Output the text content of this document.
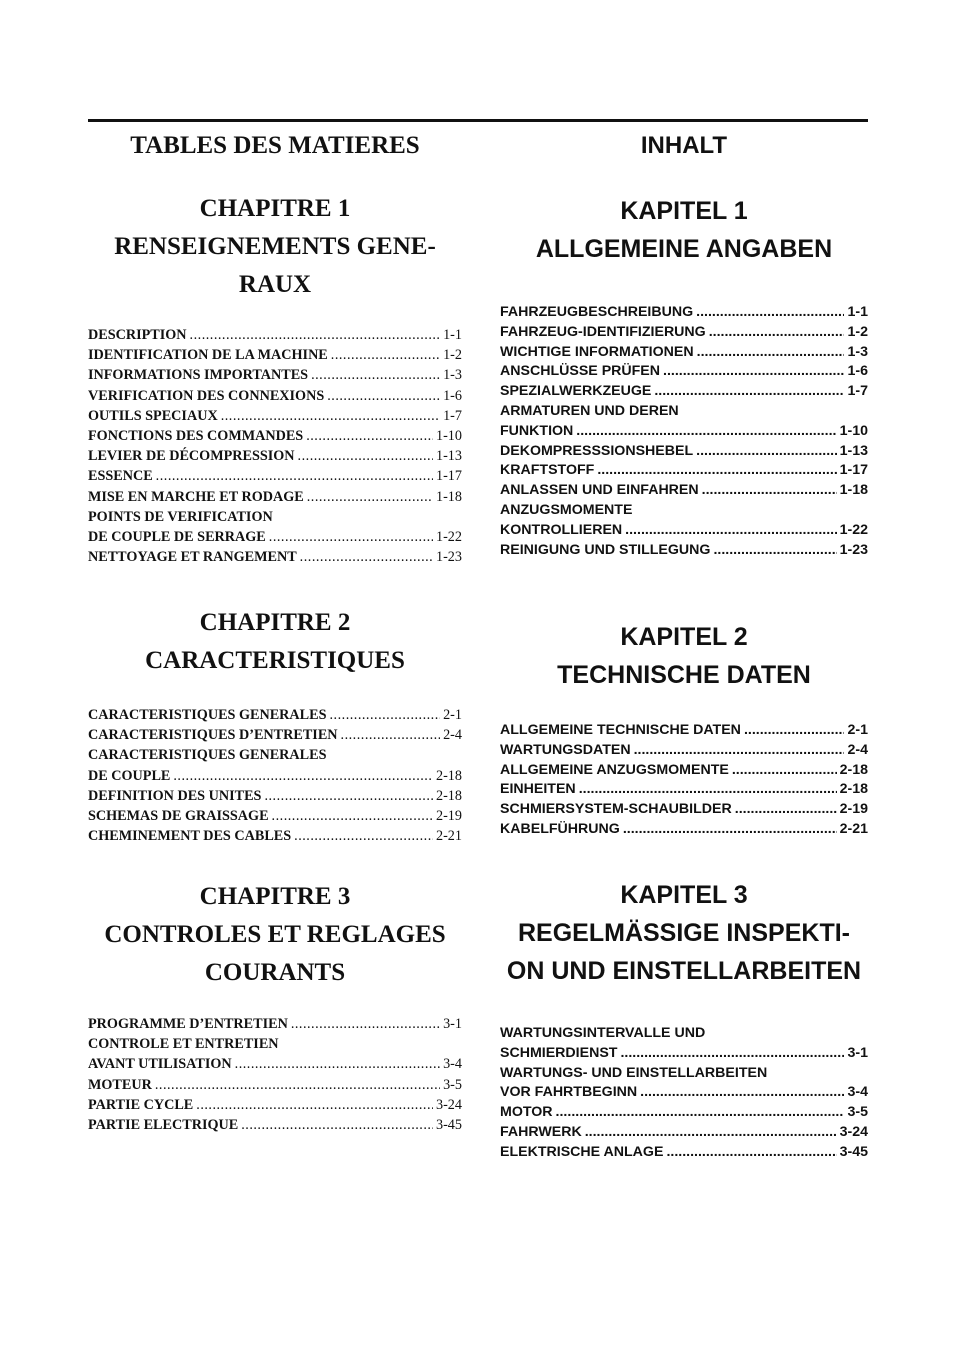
TABLES DES MATIERES
CHAPITRE 1
RENSEIGNEMENTS GENE-
RAUX
DESCRIPTION .....	1-1
IDENTIFICATION DE LA MACHINE .....	1-2
INFORMATIONS IMPORTANTES .....	1-3
VERIFICATION DES CONNEXIONS .....	1-6
OUTILS SPECIAUX .....	1-7
FONCTIONS DES COMMANDES .....	1-10
LEVIER DE DÉCOMPRESSION .....	1-13
ESSENCE .....	1-17
MISE EN MARCHE ET RODAGE .....	1-18
POINTS DE VERIFICATION
DE COUPLE DE SERRAGE .....	1-22
NETTOYAGE ET RANGEMENT .....	1-23
CHAPITRE 2
CARACTERISTIQUES
CARACTERISTIQUES GENERALES .....	2-1
CARACTERISTIQUES D’ENTRETIEN .....	2-4
CARACTERISTIQUES GENERALES
DE COUPLE .....	2-18
DEFINITION DES UNITES .....	2-18
SCHEMAS DE GRAISSAGE .....	2-19
CHEMINEMENT DES CABLES .....	2-21
CHAPITRE 3
CONTROLES ET REGLAGES
COURANTS
PROGRAMME D’ENTRETIEN .....	3-1
CONTROLE ET ENTRETIEN
AVANT UTILISATION .....	3-4
MOTEUR .....	3-5
PARTIE CYCLE .....	3-24
PARTIE ELECTRIQUE .....	3-45
INHALT
KAPITEL 1
ALLGEMEINE ANGABEN
FAHRZEUGBESCHREIBUNG .....	1-1
FAHRZEUG-IDENTIFIZIERUNG .....	1-2
WICHTIGE INFORMATIONEN .....	1-3
ANSCHLÜSSE PRÜFEN .....	1-6
SPEZIALWERKZEUGE .....	1-7
ARMATUREN UND DEREN
FUNKTION .....	1-10
DEKOMPRESSSIONSHEBEL .....	1-13
KRAFTSTOFF .....	1-17
ANLASSEN UND EINFAHREN .....	1-18
ANZUGSMOMENTE
KONTROLLIEREN .....	1-22
REINIGUNG UND STILLEGUNG .....	1-23
KAPITEL 2
TECHNISCHE DATEN
ALLGEMEINE TECHNISCHE DATEN .....	2-1
WARTUNGSDATEN .....	2-4
ALLGEMEINE ANZUGSMOMENTE .....	2-18
EINHEITEN .....	2-18
SCHMIERSYSTEM-SCHAUBILDER .....	2-19
KABELFÜHRUNG .....	2-21
KAPITEL 3
REGELMÄSSIGE INSPEKTI-
ON UND EINSTELLARBEITEN
WARTUNGSINTERVALLE UND
SCHMIERDIENST .....	3-1
WARTUNGS- UND EINSTELLARBEITEN
VOR FAHRTBEGINN .....	3-4
MOTOR .....	3-5
FAHRWERK .....	3-24
ELEKTRISCHE ANLAGE .....	3-45
